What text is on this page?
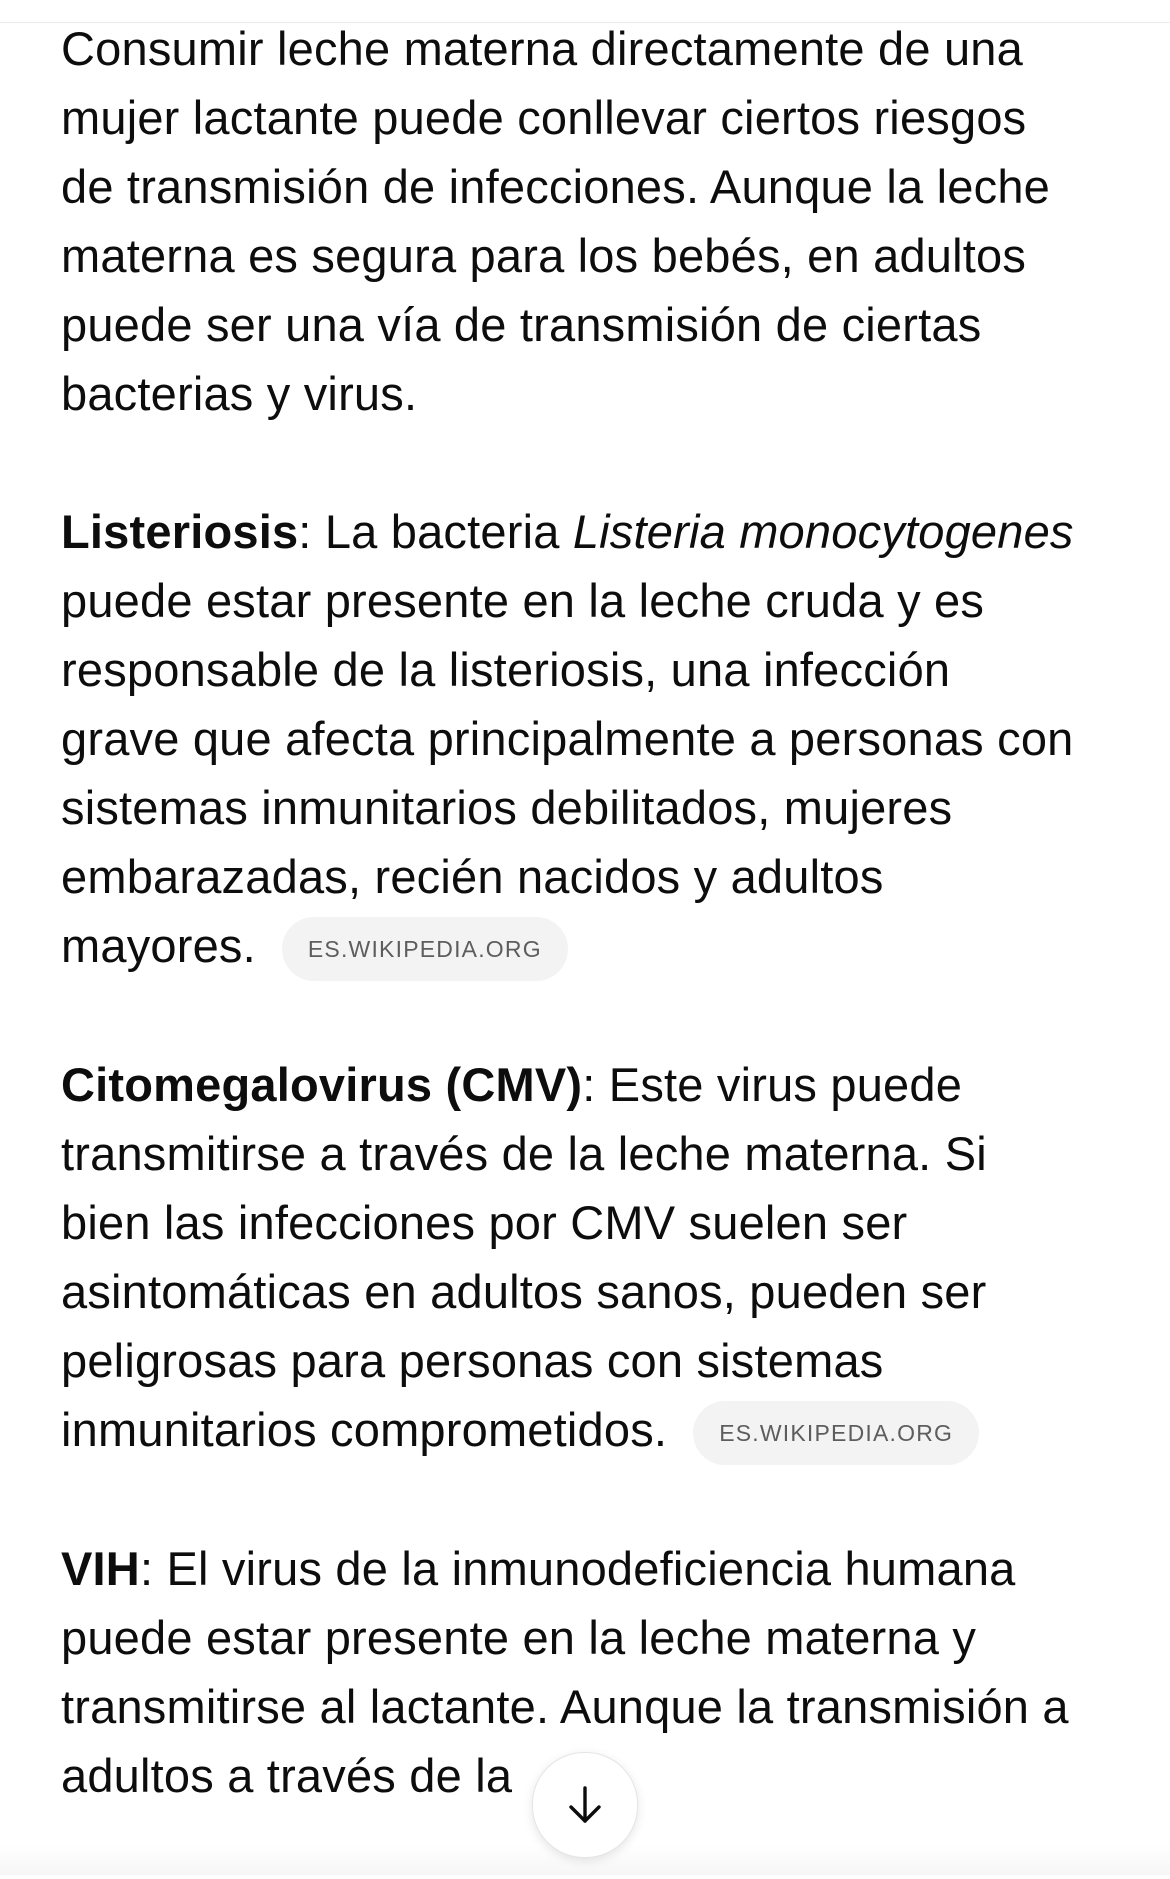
Consumir leche materna directamente de una mujer lactante puede conllevar ciertos riesgos de transmisión de infecciones. Aunque la leche materna es segura para los bebés, en adultos puede ser una vía de transmisión de ciertas bacterias y virus.

Listeriosis: La bacteria Listeria monocytogenes puede estar presente en la leche cruda y es responsable de la listeriosis, una infección grave que afecta principalmente a personas con sistemas inmunitarios debilitados, mujeres embarazadas, recién nacidos y adultos mayores. ES.WIKIPEDIA.ORG

Citomegalovirus (CMV): Este virus puede transmitirse a través de la leche materna. Si bien las infecciones por CMV suelen ser asintomáticas en adultos sanos, pueden ser peligrosas para personas con sistemas inmunitarios comprometidos. ES.WIKIPEDIA.ORG

VIH: El virus de la inmunodeficiencia humana puede estar presente en la leche materna y transmitirse al lactante. Aunque la transmisión a adultos a través de la
